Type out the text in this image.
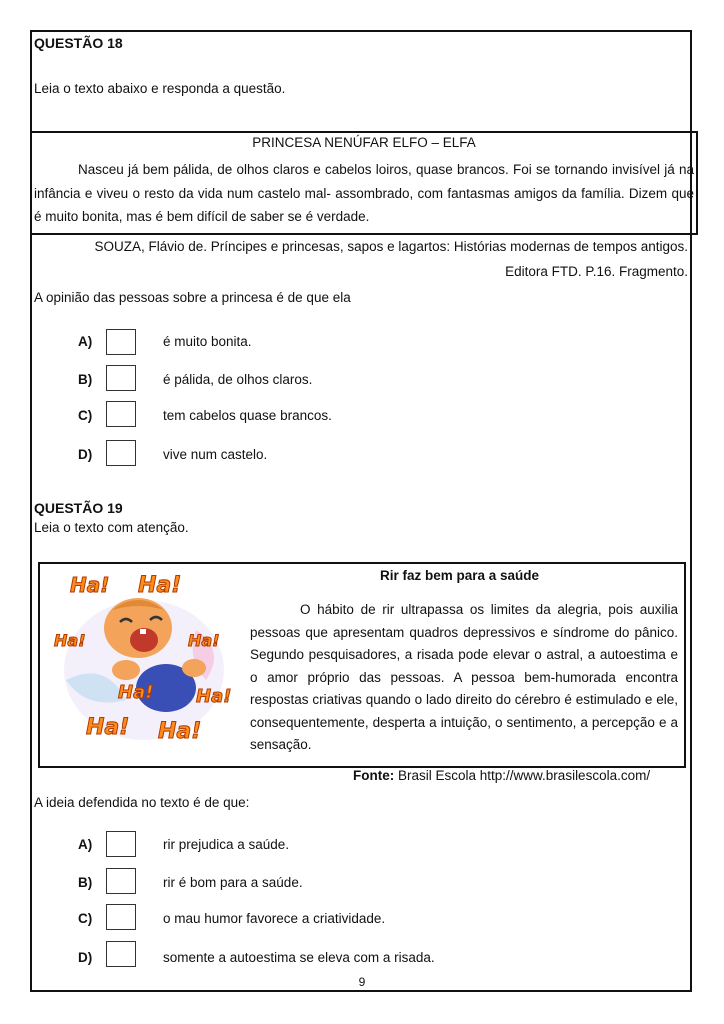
QUESTÃO 18
Leia o texto abaixo e responda a questão.
PRINCESA NENÚFAR ELFO – ELFA
Nasceu já bem pálida, de olhos claros e cabelos loiros, quase brancos. Foi se tornando invisível já na infância e viveu o resto da vida num castelo mal- assombrado, com fantasmas amigos da família. Dizem que é muito bonita, mas é bem difícil de saber se é verdade.
SOUZA, Flávio de. Príncipes e princesas, sapos e lagartos: Histórias modernas de tempos antigos.
Editora FTD. P.16. Fragmento.
A opinião das pessoas sobre a princesa é de que ela
A)	é muito bonita.
B)	é pálida, de olhos claros.
C)	tem cabelos quase brancos.
D)	vive num castelo.
QUESTÃO 19
Leia o texto com atenção.
Ha! Ha!
Ha!	Ha!
Ha! Ha!
Ha! Ha!
Rir faz bem para a saúde
O hábito de rir ultrapassa os limites da alegria, pois auxilia pessoas que apresentam quadros depressivos e síndrome do pânico. Segundo pesquisadores, a risada pode elevar o astral, a autoestima e o amor próprio das pessoas. A pessoa bem-humorada encontra respostas criativas quando o lado direito do cérebro é estimulado e ele, consequentemente, desperta a intuição, o sentimento, a percepção e a sensação.
Fonte: Brasil Escola http://www.brasilescola.com/
A ideia defendida no texto é de que:
A)	rir prejudica a saúde.
B)	rir é bom para a saúde.
C)	o mau humor favorece a criatividade.
D)	somente a autoestima se eleva com a risada.
9
